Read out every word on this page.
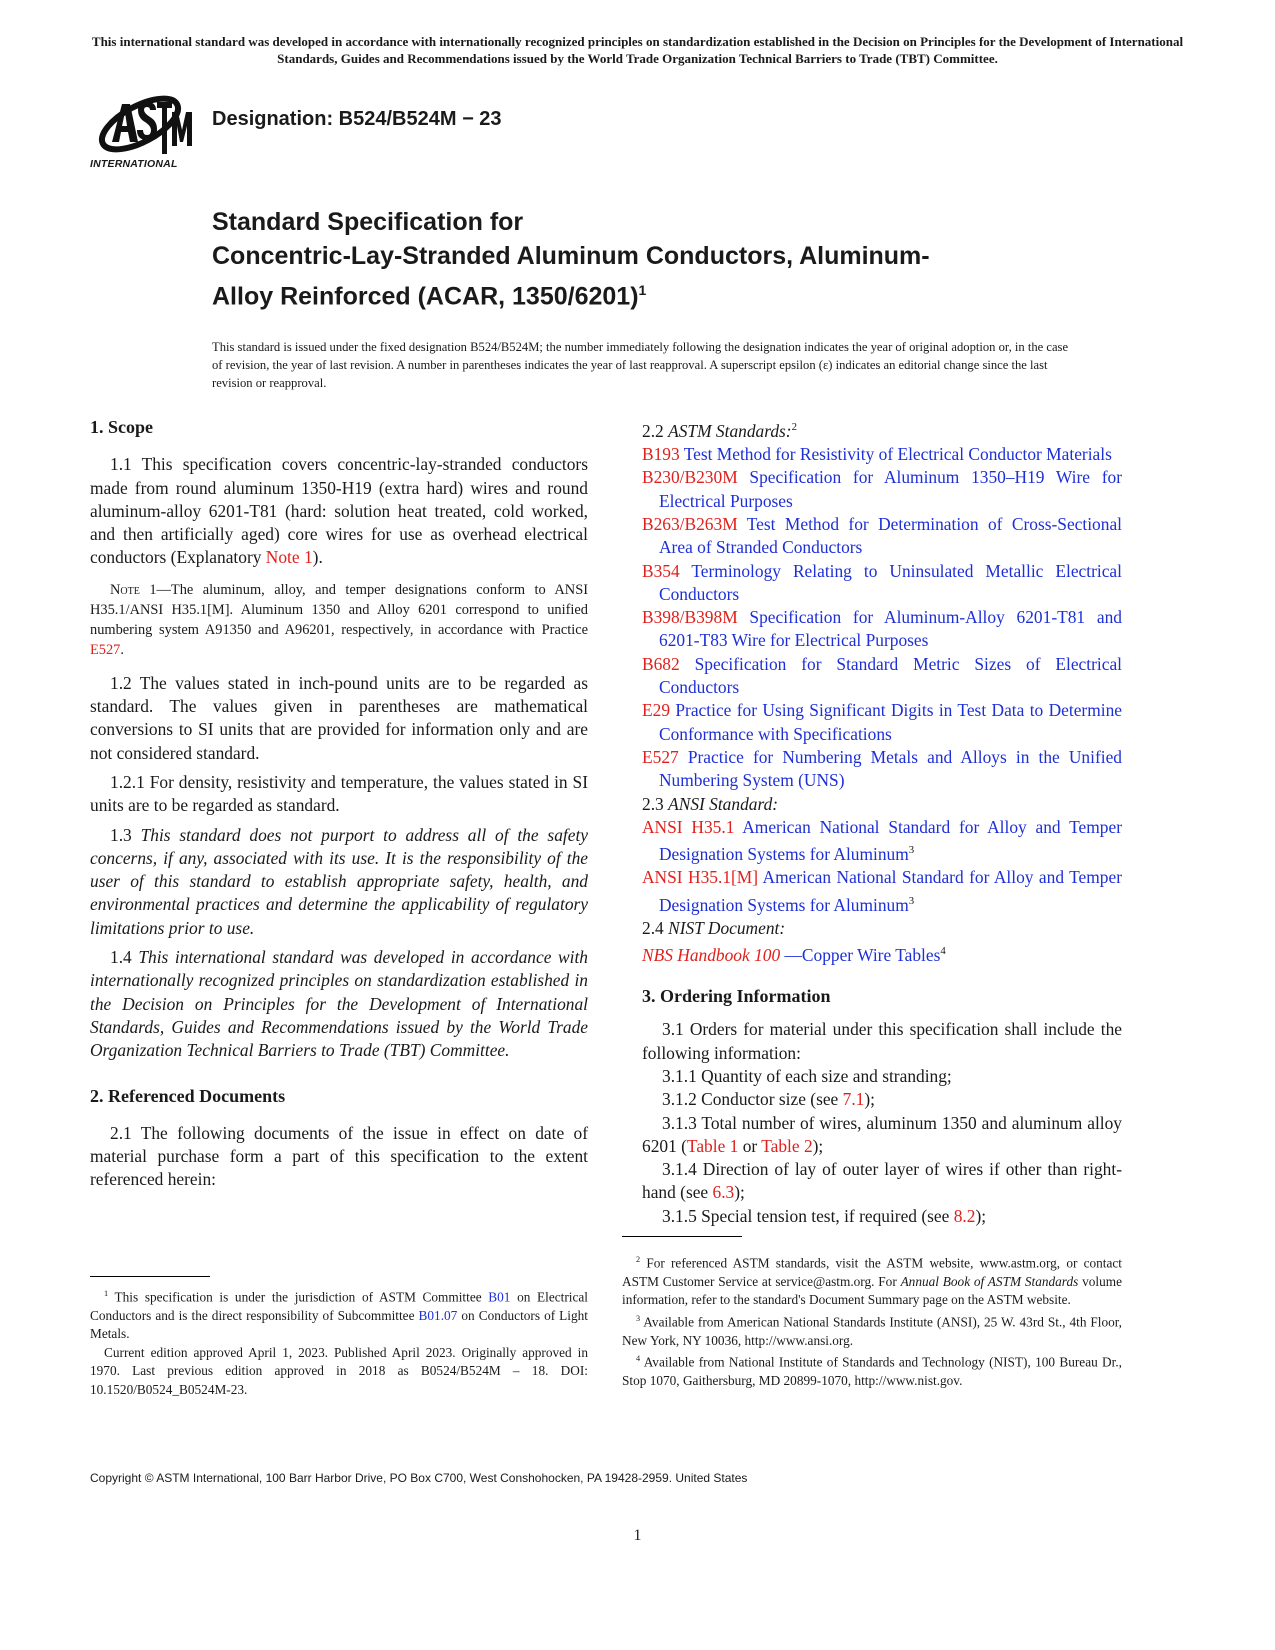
This international standard was developed in accordance with internationally recognized principles on standardization established in the Decision on Principles for the Development of International Standards, Guides and Recommendations issued by the World Trade Organization Technical Barriers to Trade (TBT) Committee.
INTERNATIONAL
Designation: B524/B524M − 23
Standard Specification for
Concentric-Lay-Stranded Aluminum Conductors, Aluminum-
Alloy Reinforced (ACAR, 1350/6201)$^1$
This standard is issued under the fixed designation B524/B524M; the number immediately following the designation indicates the year of original adoption or, in the case of revision, the year of last revision. A number in parentheses indicates the year of last reapproval. A superscript epsilon (ε) indicates an editorial change since the last revision or reapproval.
1. Scope

1.1 This specification covers concentric-lay-stranded conductors made from round aluminum 1350-H19 (extra hard) wires and round aluminum-alloy 6201-T81 (hard: solution heat treated, cold worked, and then artificially aged) core wires for use as overhead electrical conductors (Explanatory Note 1).

Note 1—The aluminum, alloy, and temper designations conform to ANSI H35.1/ANSI H35.1[M]. Aluminum 1350 and Alloy 6201 correspond to unified numbering system A91350 and A96201, respectively, in accordance with Practice E527.

1.2 The values stated in inch-pound units are to be regarded as standard. The values given in parentheses are mathematical conversions to SI units that are provided for information only and are not considered standard.

1.2.1 For density, resistivity and temperature, the values stated in SI units are to be regarded as standard.

1.3 This standard does not purport to address all of the safety concerns, if any, associated with its use. It is the responsibility of the user of this standard to establish appropriate safety, health, and environmental practices and determine the applicability of regulatory limitations prior to use.

1.4 This international standard was developed in accordance with internationally recognized principles on standardization established in the Decision on Principles for the Development of International Standards, Guides and Recommendations issued by the World Trade Organization Technical Barriers to Trade (TBT) Committee.

2. Referenced Documents

2.1 The following documents of the issue in effect on date of material purchase form a part of this specification to the extent referenced herein:

2.2 ASTM Standards:$^2$

B193 Test Method for Resistivity of Electrical Conductor Materials

B230/B230M Specification for Aluminum 1350–H19 Wire for Electrical Purposes

B263/B263M Test Method for Determination of Cross-Sectional Area of Stranded Conductors

B354 Terminology Relating to Uninsulated Metallic Electrical Conductors

B398/B398M Specification for Aluminum-Alloy 6201-T81 and 6201-T83 Wire for Electrical Purposes

B682 Specification for Standard Metric Sizes of Electrical Conductors

E29 Practice for Using Significant Digits in Test Data to Determine Conformance with Specifications

E527 Practice for Numbering Metals and Alloys in the Unified Numbering System (UNS)

2.3 ANSI Standard:

ANSI H35.1 American National Standard for Alloy and Temper Designation Systems for Aluminum$^3$

ANSI H35.1[M] American National Standard for Alloy and Temper Designation Systems for Aluminum$^3$

2.4 NIST Document:

NBS Handbook 100 —Copper Wire Tables$^4$

3. Ordering Information

3.1 Orders for material under this specification shall include the following information:

3.1.1 Quantity of each size and stranding;

3.1.2 Conductor size (see 7.1);

3.1.3 Total number of wires, aluminum 1350 and aluminum alloy 6201 (Table 1 or Table 2);

3.1.4 Direction of lay of outer layer of wires if other than right-hand (see 6.3);

3.1.5 Special tension test, if required (see 8.2);

$^1$ This specification is under the jurisdiction of ASTM Committee B01 on Electrical Conductors and is the direct responsibility of Subcommittee B01.07 on Conductors of Light Metals.

Current edition approved April 1, 2023. Published April 2023. Originally approved in 1970. Last previous edition approved in 2018 as B0524/B524M – 18. DOI: 10.1520/B0524_B0524M-23.

$^2$ For referenced ASTM standards, visit the ASTM website, www.astm.org, or contact ASTM Customer Service at service@astm.org. For Annual Book of ASTM Standards volume information, refer to the standard's Document Summary page on the ASTM website.

$^3$ Available from American National Standards Institute (ANSI), 25 W. 43rd St., 4th Floor, New York, NY 10036, http://www.ansi.org.

$^4$ Available from National Institute of Standards and Technology (NIST), 100 Bureau Dr., Stop 1070, Gaithersburg, MD 20899-1070, http://www.nist.gov.

Copyright © ASTM International, 100 Barr Harbor Drive, PO Box C700, West Conshohocken, PA 19428-2959. United States
1
